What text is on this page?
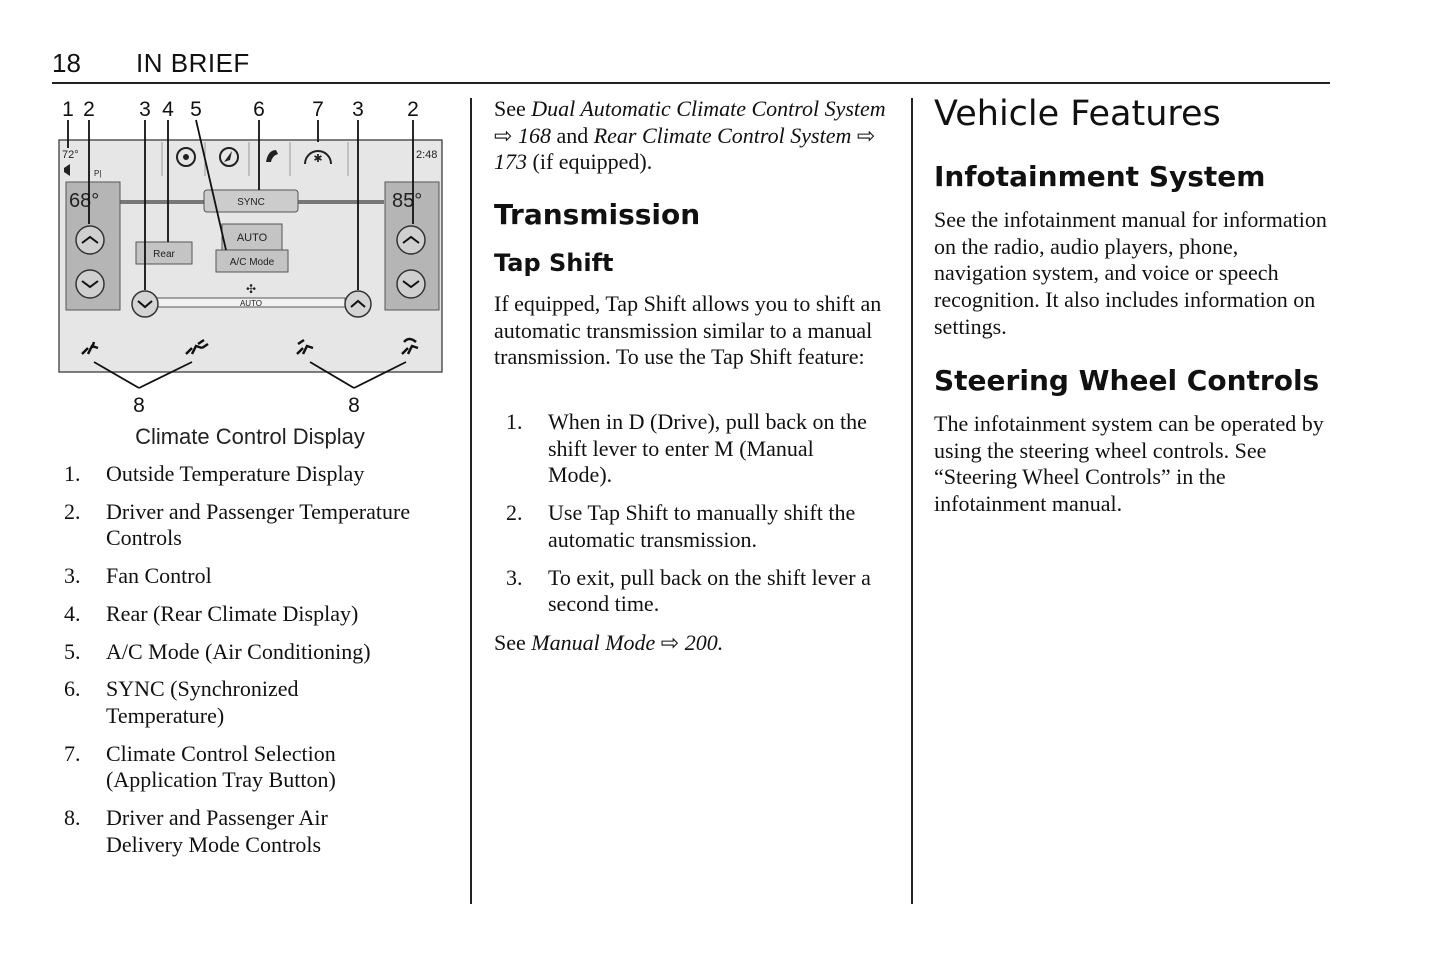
18 IN BRIEF
72°	2:48
P|
✱
SYNC
68°	85°
Rear
AUTO
A/C Mode
✣
AUTO
1 2 3 4 5 6 7 3 2
8	8
Climate Control Display
1. Outside Temperature Display
2. Driver and Passenger Temperature Controls
3. Fan Control
4. Rear (Rear Climate Display)
5. A/C Mode (Air Conditioning)
6. SYNC (Synchronized Temperature)
7. Climate Control Selection (Application Tray Button)
8. Driver and Passenger Air Delivery Mode Controls
See Dual Automatic Climate Control System ⇨ 168 and Rear Climate Control System ⇨ 173 (if equipped).
Transmission
Tap Shift
If equipped, Tap Shift allows you to shift an automatic transmission similar to a manual transmission. To use the Tap Shift feature:
1. When in D (Drive), pull back on the shift lever to enter M (Manual Mode).
2. Use Tap Shift to manually shift the automatic transmission.
3. To exit, pull back on the shift lever a second time.
See Manual Mode ⇨ 200.
Vehicle Features
Infotainment System
See the infotainment manual for information on the radio, audio players, phone, navigation system, and voice or speech recognition. It also includes information on settings.
Steering Wheel Controls
The infotainment system can be operated by using the steering wheel controls. See “Steering Wheel Controls” in the infotainment manual.
